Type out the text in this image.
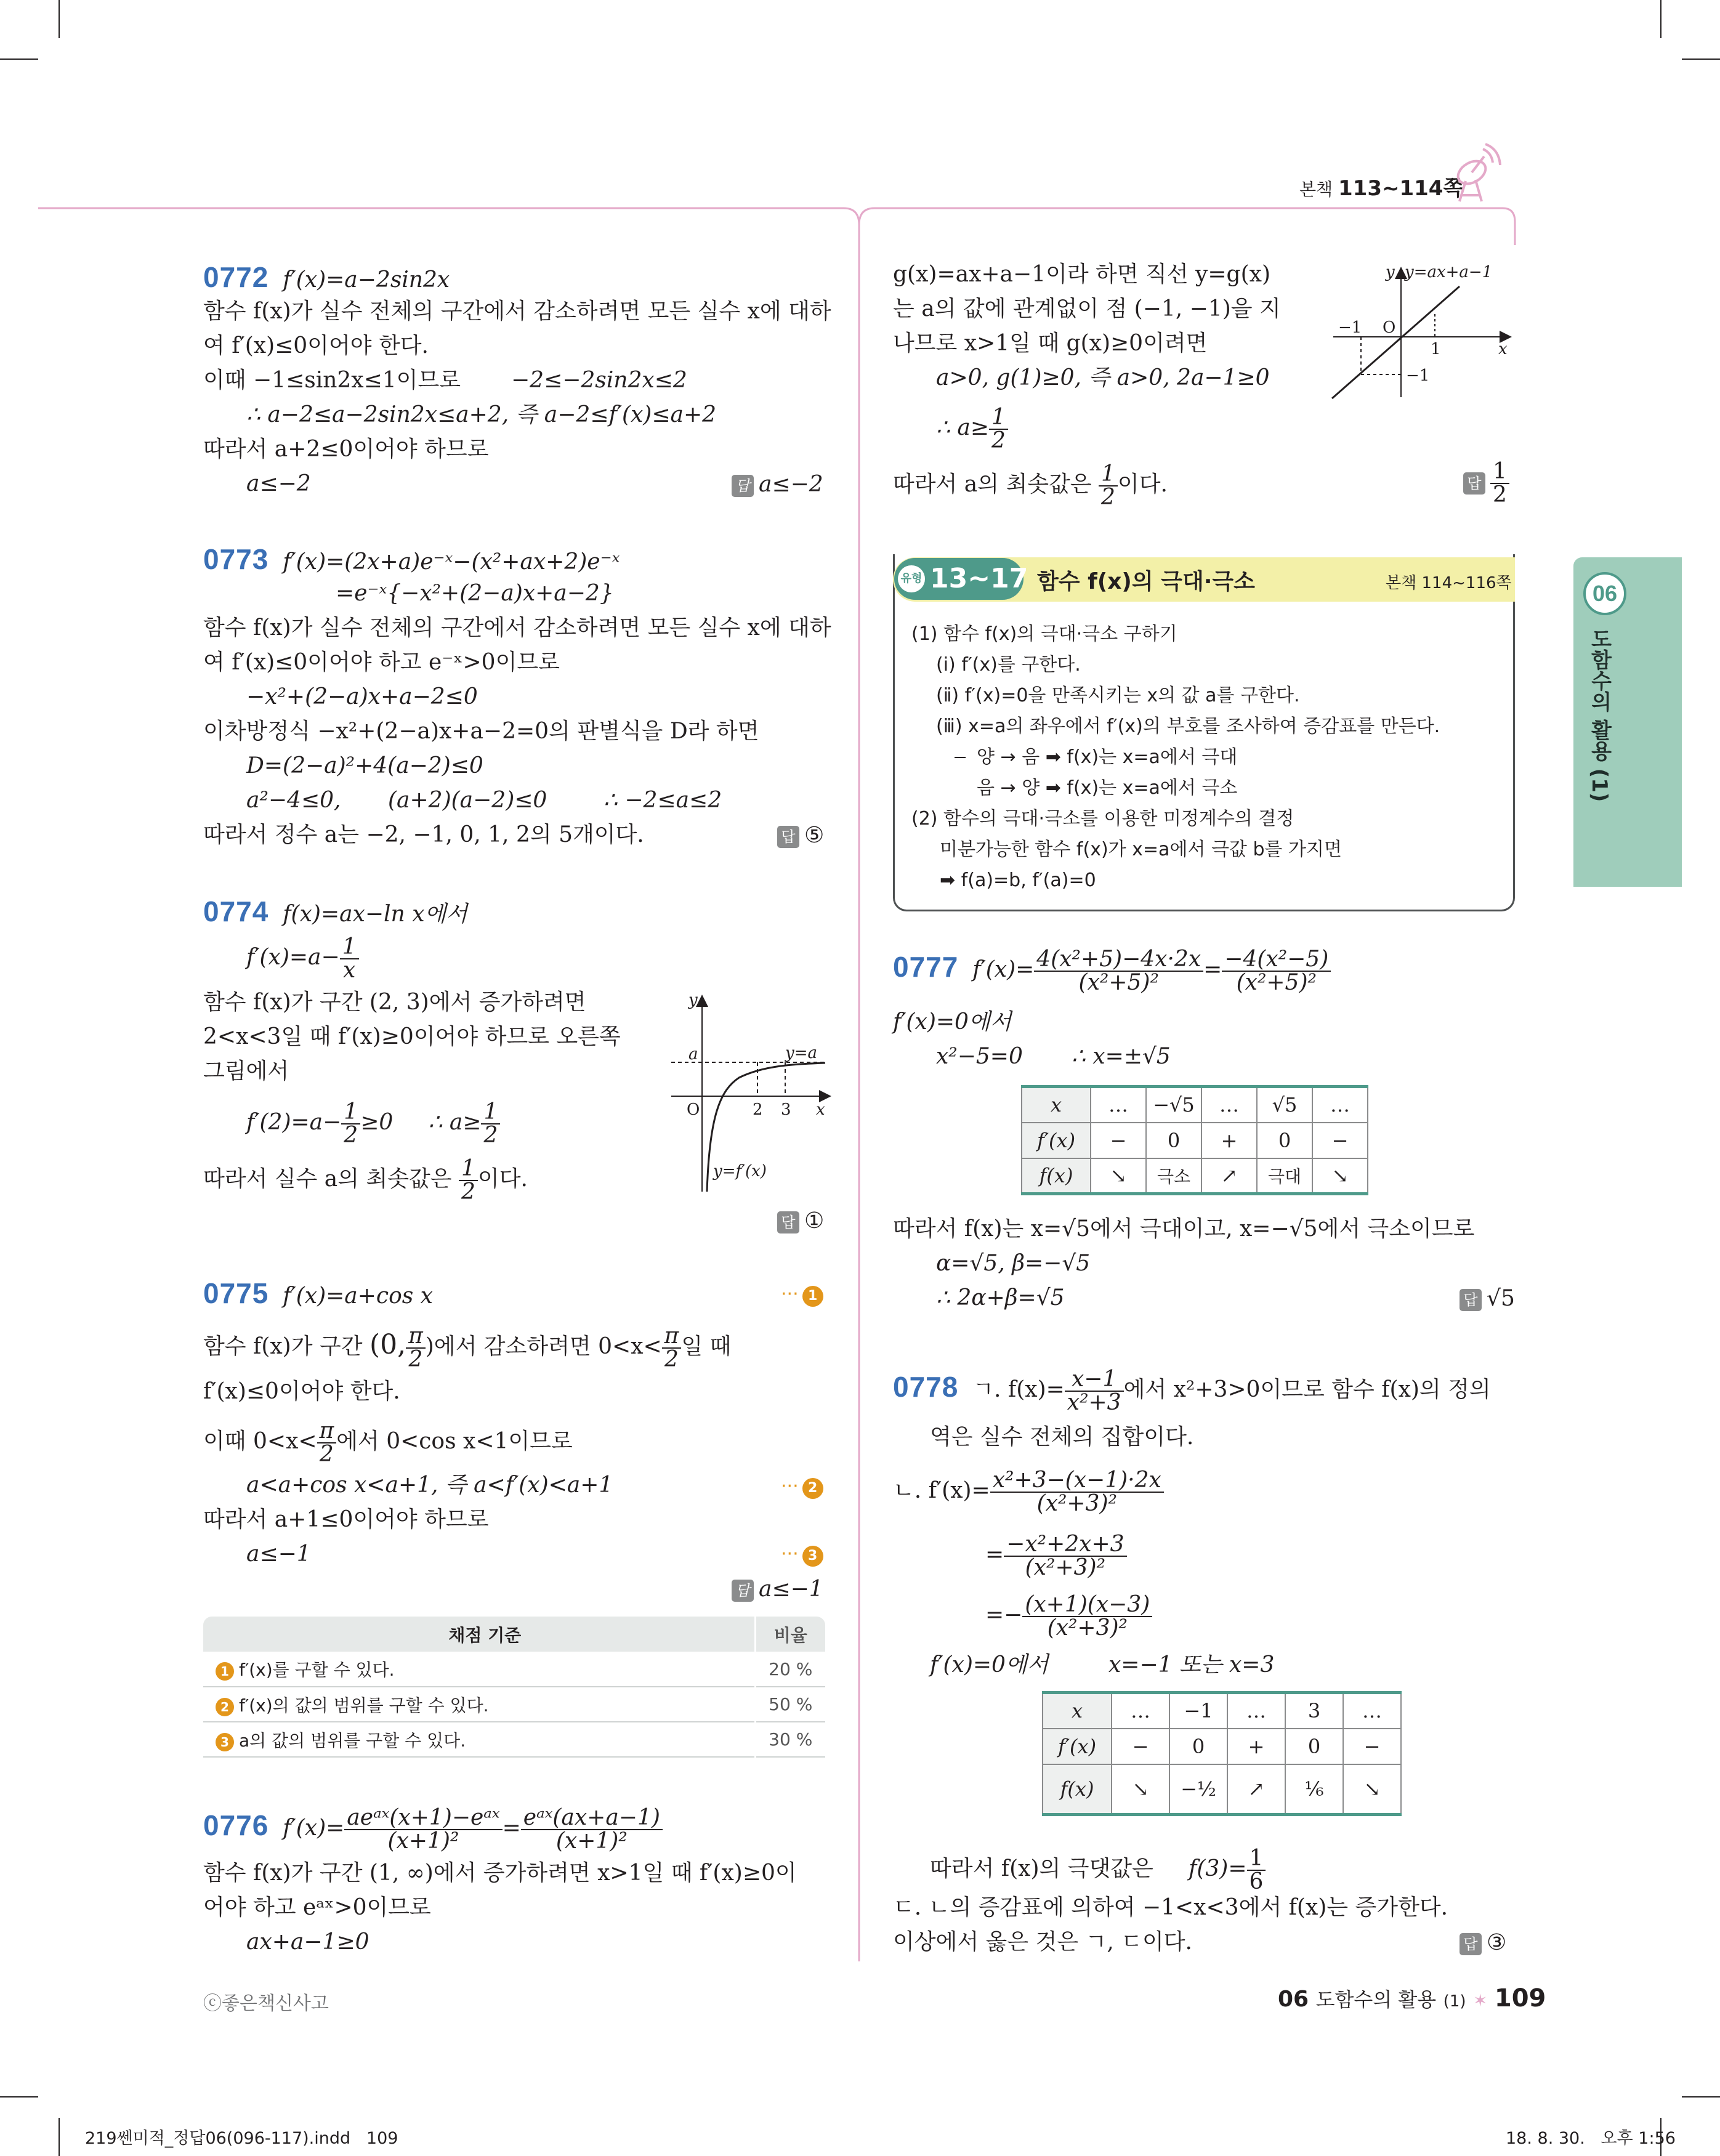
본책 113~114쪽
0772 f′(x)=a−2sin2x
함수 f(x)가 실수 전체의 구간에서 감소하려면 모든 실수 x에 대하
여 f′(x)≤0이어야 한다.
이때 −1≤sin2x≤1이므로 −2≤−2sin2x≤2
∴ a−2≤a−2sin2x≤a+2, 즉 a−2≤f′(x)≤a+2
따라서 a+2≤0이어야 하므로
a≤−2	답 a≤−2
0773 f′(x)=(2x+a)e⁻ˣ−(x²+ax+2)e⁻ˣ
=e⁻ˣ{−x²+(2−a)x+a−2}
함수 f(x)가 실수 전체의 구간에서 감소하려면 모든 실수 x에 대하
여 f′(x)≤0이어야 하고 e⁻ˣ>0이므로
−x²+(2−a)x+a−2≤0
이차방정식 −x²+(2−a)x+a−2=0의 판별식을 D라 하면
D=(2−a)²+4(a−2)≤0
a²−4≤0, (a+2)(a−2)≤0	∴ −2≤a≤2
따라서 정수 a는 −2, −1, 0, 1, 2의 5개이다.	답 ⑤
0774 f(x)=ax−ln x에서
$f'(x)=a- \frac{1}{x}$
함수 f(x)가 구간 (2, 3)에서 증가하려면
2<x<3일 때 f′(x)≥0이어야 하므로 오른쪽
그림에서
$f'(2)=a- \frac{1}{2} \ge 0$ ∴ $a\ge \frac{1}{2}$
따라서 실수 a의 최솟값은 $\frac{1}{2}$ 이다.
답 ①
y
a	y=a
O	2 3 x
y=f′(x)
0775 f′(x)=a+cos x	··· 1
함수 f(x)가 구간 (0, $\frac{\pi}{2}$ )에서 감소하려면 $0<x< \frac{\pi}{2}$ 일 때
f′(x)≤0이어야 한다.
이때 $0<x< \frac{\pi}{2}$ 에서 0<cos x<1이므로
a<a+cos x<a+1, 즉 a<f′(x)<a+1	··· 2
따라서 a+1≤0이어야 하므로
a≤−1	··· 3
답 a≤−1
채점 기준	비율
1 f′(x)를 구할 수 있다.	20 %
2 f′(x)의 값의 범위를 구할 수 있다.	50 %
3 a의 값의 범위를 구할 수 있다.	30 %
0776 $f'(x)= \frac{\text{aeᵃˣ(x+1)−eᵃˣ}}{\text{(x+1)²}} = \frac{\text{eᵃˣ(ax+a−1)}}{\text{(x+1)²}}$
함수 f(x)가 구간 (1, ∞)에서 증가하려면 x>1일 때 f′(x)≥0이
어야 하고 eᵃˣ>0이므로
ax+a−1≥0
g(x)=ax+a−1이라 하면 직선 y=g(x)
는 a의 값에 관계없이 점 (−1, −1)을 지
나므로 x>1일 때 g(x)≥0이려면
a>0, g(1)≥0, 즉 a>0, 2a−1≥0
∴ $a\ge \frac{1}{2}$
따라서 a의 최솟값은 $\frac{1}{2}$ 이다.	답 $\frac{1}{2}$
y y=ax+a−1
−1 O
1	x
−1
유형 13~17 함수 f(x)의 극대·극소	본책 114~116쪽
(1) 함수 f(x)의 극대·극소 구하기
(ⅰ) f′(x)를 구한다.
(ⅱ) f′(x)=0을 만족시키는 x의 값 a를 구한다.
(ⅲ) x=a의 좌우에서 f′(x)의 부호를 조사하여 증감표를 만든다.
양 → 음 ➡ f(x)는 x=a에서 극대
음 → 양 ➡ f(x)는 x=a에서 극소
(2) 함수의 극대·극소를 이용한 미정계수의 결정
미분가능한 함수 f(x)가 x=a에서 극값 b를 가지면
➡ f(a)=b, f′(a)=0
0777 $f'(x)= \frac{\text{4(x²+5)−4x·2x}}{\text{(x²+5)²}} = \frac{\text{−4(x²−5)}}{\text{(x²+5)²}}$
f′(x)=0에서
x²−5=0 ∴ x=±√5
x	…	−√5	…	√5	…
f′(x)	−	0	+	0	−
f(x)	↘	극소	↗	극대	↘
따라서 f(x)는 x=√5에서 극대이고, x=−√5에서 극소이므로
α=√5, β=−√5
∴ 2α+β=√5	답 √5
0778 ㄱ. $f(x)= \frac{x-1}{\text{x²+3}}$ 에서 x²+3>0이므로 함수 f(x)의 정의
역은 실수 전체의 집합이다.
ㄴ. $f'(x)= \frac{\text{x²+3−(x−1)·2x}}{\text{(x²+3)²}}$
= $\frac{\text{−x²+2x+3}}{\text{(x²+3)²}}$
=− $\frac{(x+1)(x-3)}{\text{(x²+3)²}}$
f′(x)=0에서	x=−1 또는 x=3
x	…	−1	…	3	…
f′(x)	−	0	+	0	−
f(x)	↘	−½	↗	⅙	↘
따라서 f(x)의 극댓값은 $f(3)= \frac{1}{6}$
ㄷ. ㄴ의 증감표에 의하여 −1<x<3에서 f(x)는 증가한다.
이상에서 옳은 것은 ㄱ, ㄷ이다.	답 ③
06
도함수의 활용 (1)
ⓒ좋은책신사고	06 도함수의 활용 (1) ✶ 109
219쎈미적_정답06(096-117).indd   109	18. 8. 30.   오후 1:56
